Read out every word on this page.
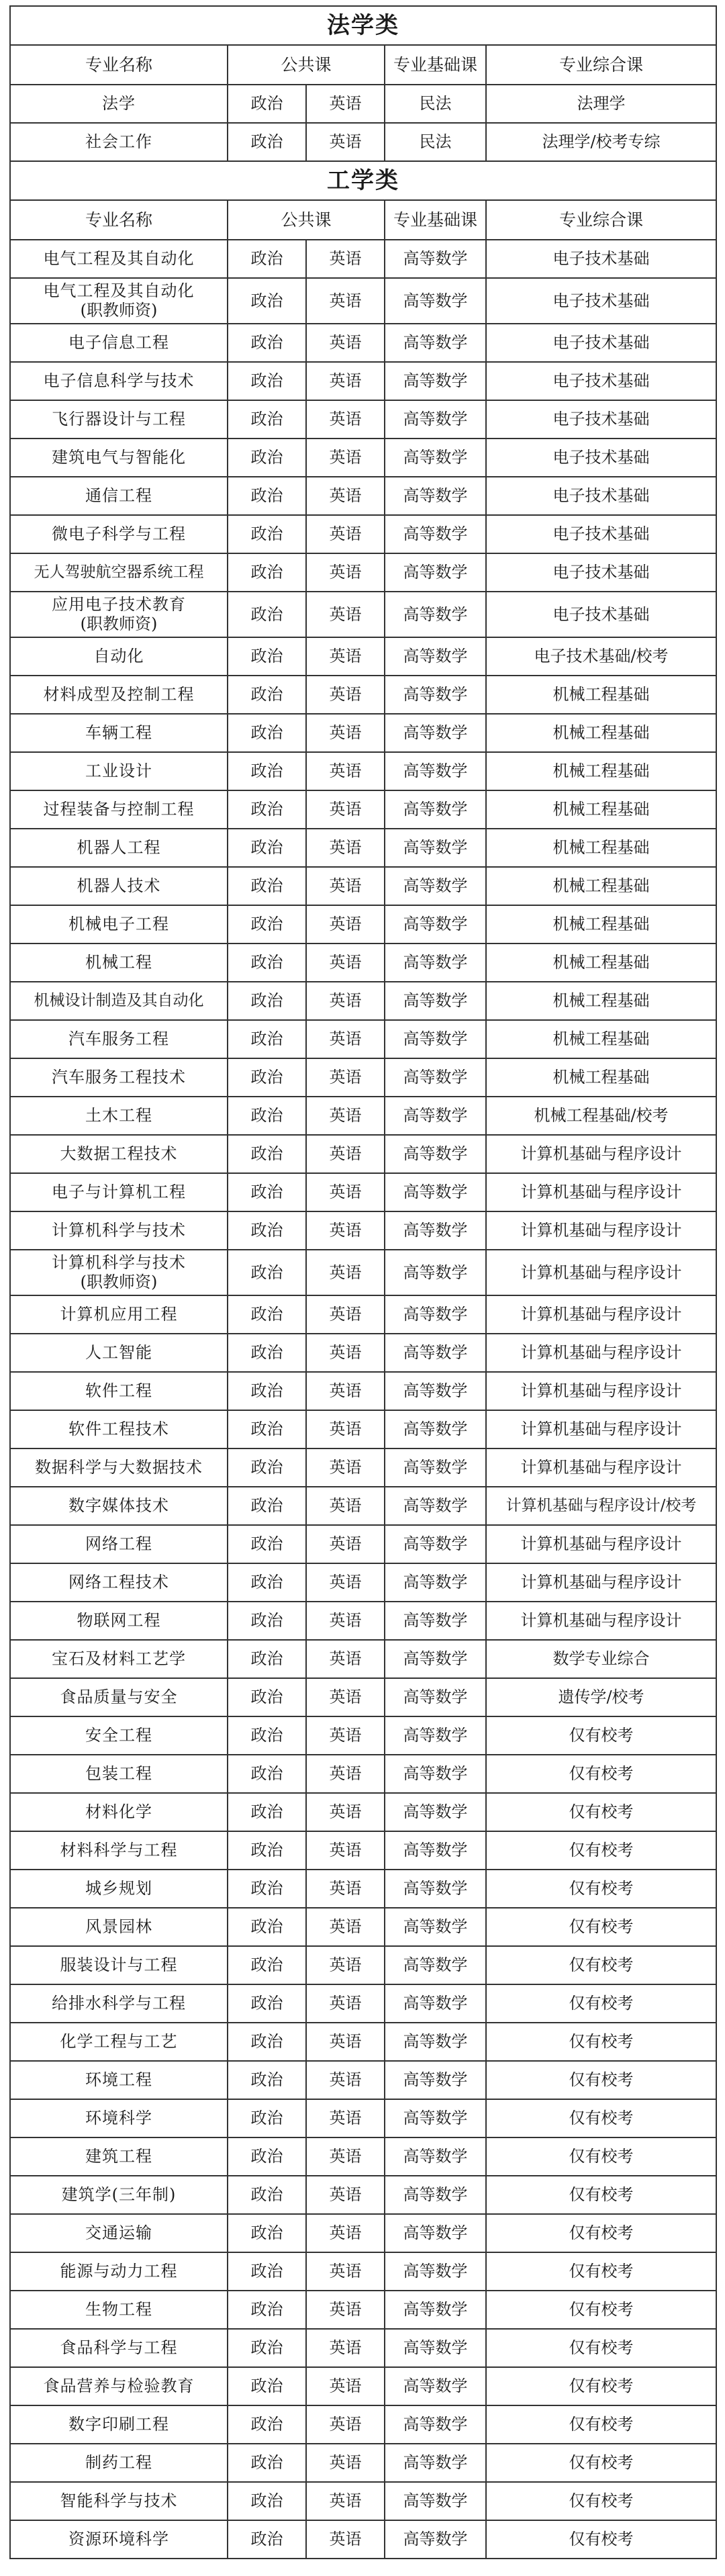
法学类				
专业名称	公共课		专业基础课	专业综合课

法学	政治	英语	民法	法理学

社会工作	政治	英语	民法	法理学/校考专综
工学类				
专业名称	公共课		专业基础课	专业综合课

电气工程及其自动化	政治	英语	高等数学	电子技术基础

电气工程及其自动化
(职教师资)	政治	英语	高等数学	电子技术基础

电子信息工程	政治	英语	高等数学	电子技术基础

电子信息科学与技术	政治	英语	高等数学	电子技术基础

飞行器设计与工程	政治	英语	高等数学	电子技术基础

建筑电气与智能化	政治	英语	高等数学	电子技术基础

通信工程	政治	英语	高等数学	电子技术基础

微电子科学与工程	政治	英语	高等数学	电子技术基础

无人驾驶航空器系统工程	政治	英语	高等数学	电子技术基础

应用电子技术教育
(职教师资)	政治	英语	高等数学	电子技术基础

自动化	政治	英语	高等数学	电子技术基础/校考

材料成型及控制工程	政治	英语	高等数学	机械工程基础

车辆工程	政治	英语	高等数学	机械工程基础

工业设计	政治	英语	高等数学	机械工程基础

过程装备与控制工程	政治	英语	高等数学	机械工程基础

机器人工程	政治	英语	高等数学	机械工程基础

机器人技术	政治	英语	高等数学	机械工程基础

机械电子工程	政治	英语	高等数学	机械工程基础

机械工程	政治	英语	高等数学	机械工程基础

机械设计制造及其自动化	政治	英语	高等数学	机械工程基础

汽车服务工程	政治	英语	高等数学	机械工程基础

汽车服务工程技术	政治	英语	高等数学	机械工程基础

土木工程	政治	英语	高等数学	机械工程基础/校考

大数据工程技术	政治	英语	高等数学	计算机基础与程序设计

电子与计算机工程	政治	英语	高等数学	计算机基础与程序设计

计算机科学与技术	政治	英语	高等数学	计算机基础与程序设计

计算机科学与技术
(职教师资)	政治	英语	高等数学	计算机基础与程序设计

计算机应用工程	政治	英语	高等数学	计算机基础与程序设计

人工智能	政治	英语	高等数学	计算机基础与程序设计

软件工程	政治	英语	高等数学	计算机基础与程序设计

软件工程技术	政治	英语	高等数学	计算机基础与程序设计

数据科学与大数据技术	政治	英语	高等数学	计算机基础与程序设计

数字媒体技术	政治	英语	高等数学	计算机基础与程序设计/校考

网络工程	政治	英语	高等数学	计算机基础与程序设计

网络工程技术	政治	英语	高等数学	计算机基础与程序设计

物联网工程	政治	英语	高等数学	计算机基础与程序设计

宝石及材料工艺学	政治	英语	高等数学	数学专业综合

食品质量与安全	政治	英语	高等数学	遗传学/校考

安全工程	政治	英语	高等数学	仅有校考

包装工程	政治	英语	高等数学	仅有校考

材料化学	政治	英语	高等数学	仅有校考

材料科学与工程	政治	英语	高等数学	仅有校考

城乡规划	政治	英语	高等数学	仅有校考

风景园林	政治	英语	高等数学	仅有校考

服装设计与工程	政治	英语	高等数学	仅有校考

给排水科学与工程	政治	英语	高等数学	仅有校考

化学工程与工艺	政治	英语	高等数学	仅有校考

环境工程	政治	英语	高等数学	仅有校考

环境科学	政治	英语	高等数学	仅有校考

建筑工程	政治	英语	高等数学	仅有校考

建筑学(三年制)	政治	英语	高等数学	仅有校考

交通运输	政治	英语	高等数学	仅有校考

能源与动力工程	政治	英语	高等数学	仅有校考

生物工程	政治	英语	高等数学	仅有校考

食品科学与工程	政治	英语	高等数学	仅有校考

食品营养与检验教育	政治	英语	高等数学	仅有校考

数字印刷工程	政治	英语	高等数学	仅有校考

制药工程	政治	英语	高等数学	仅有校考

智能科学与技术	政治	英语	高等数学	仅有校考

资源环境科学	政治	英语	高等数学	仅有校考
